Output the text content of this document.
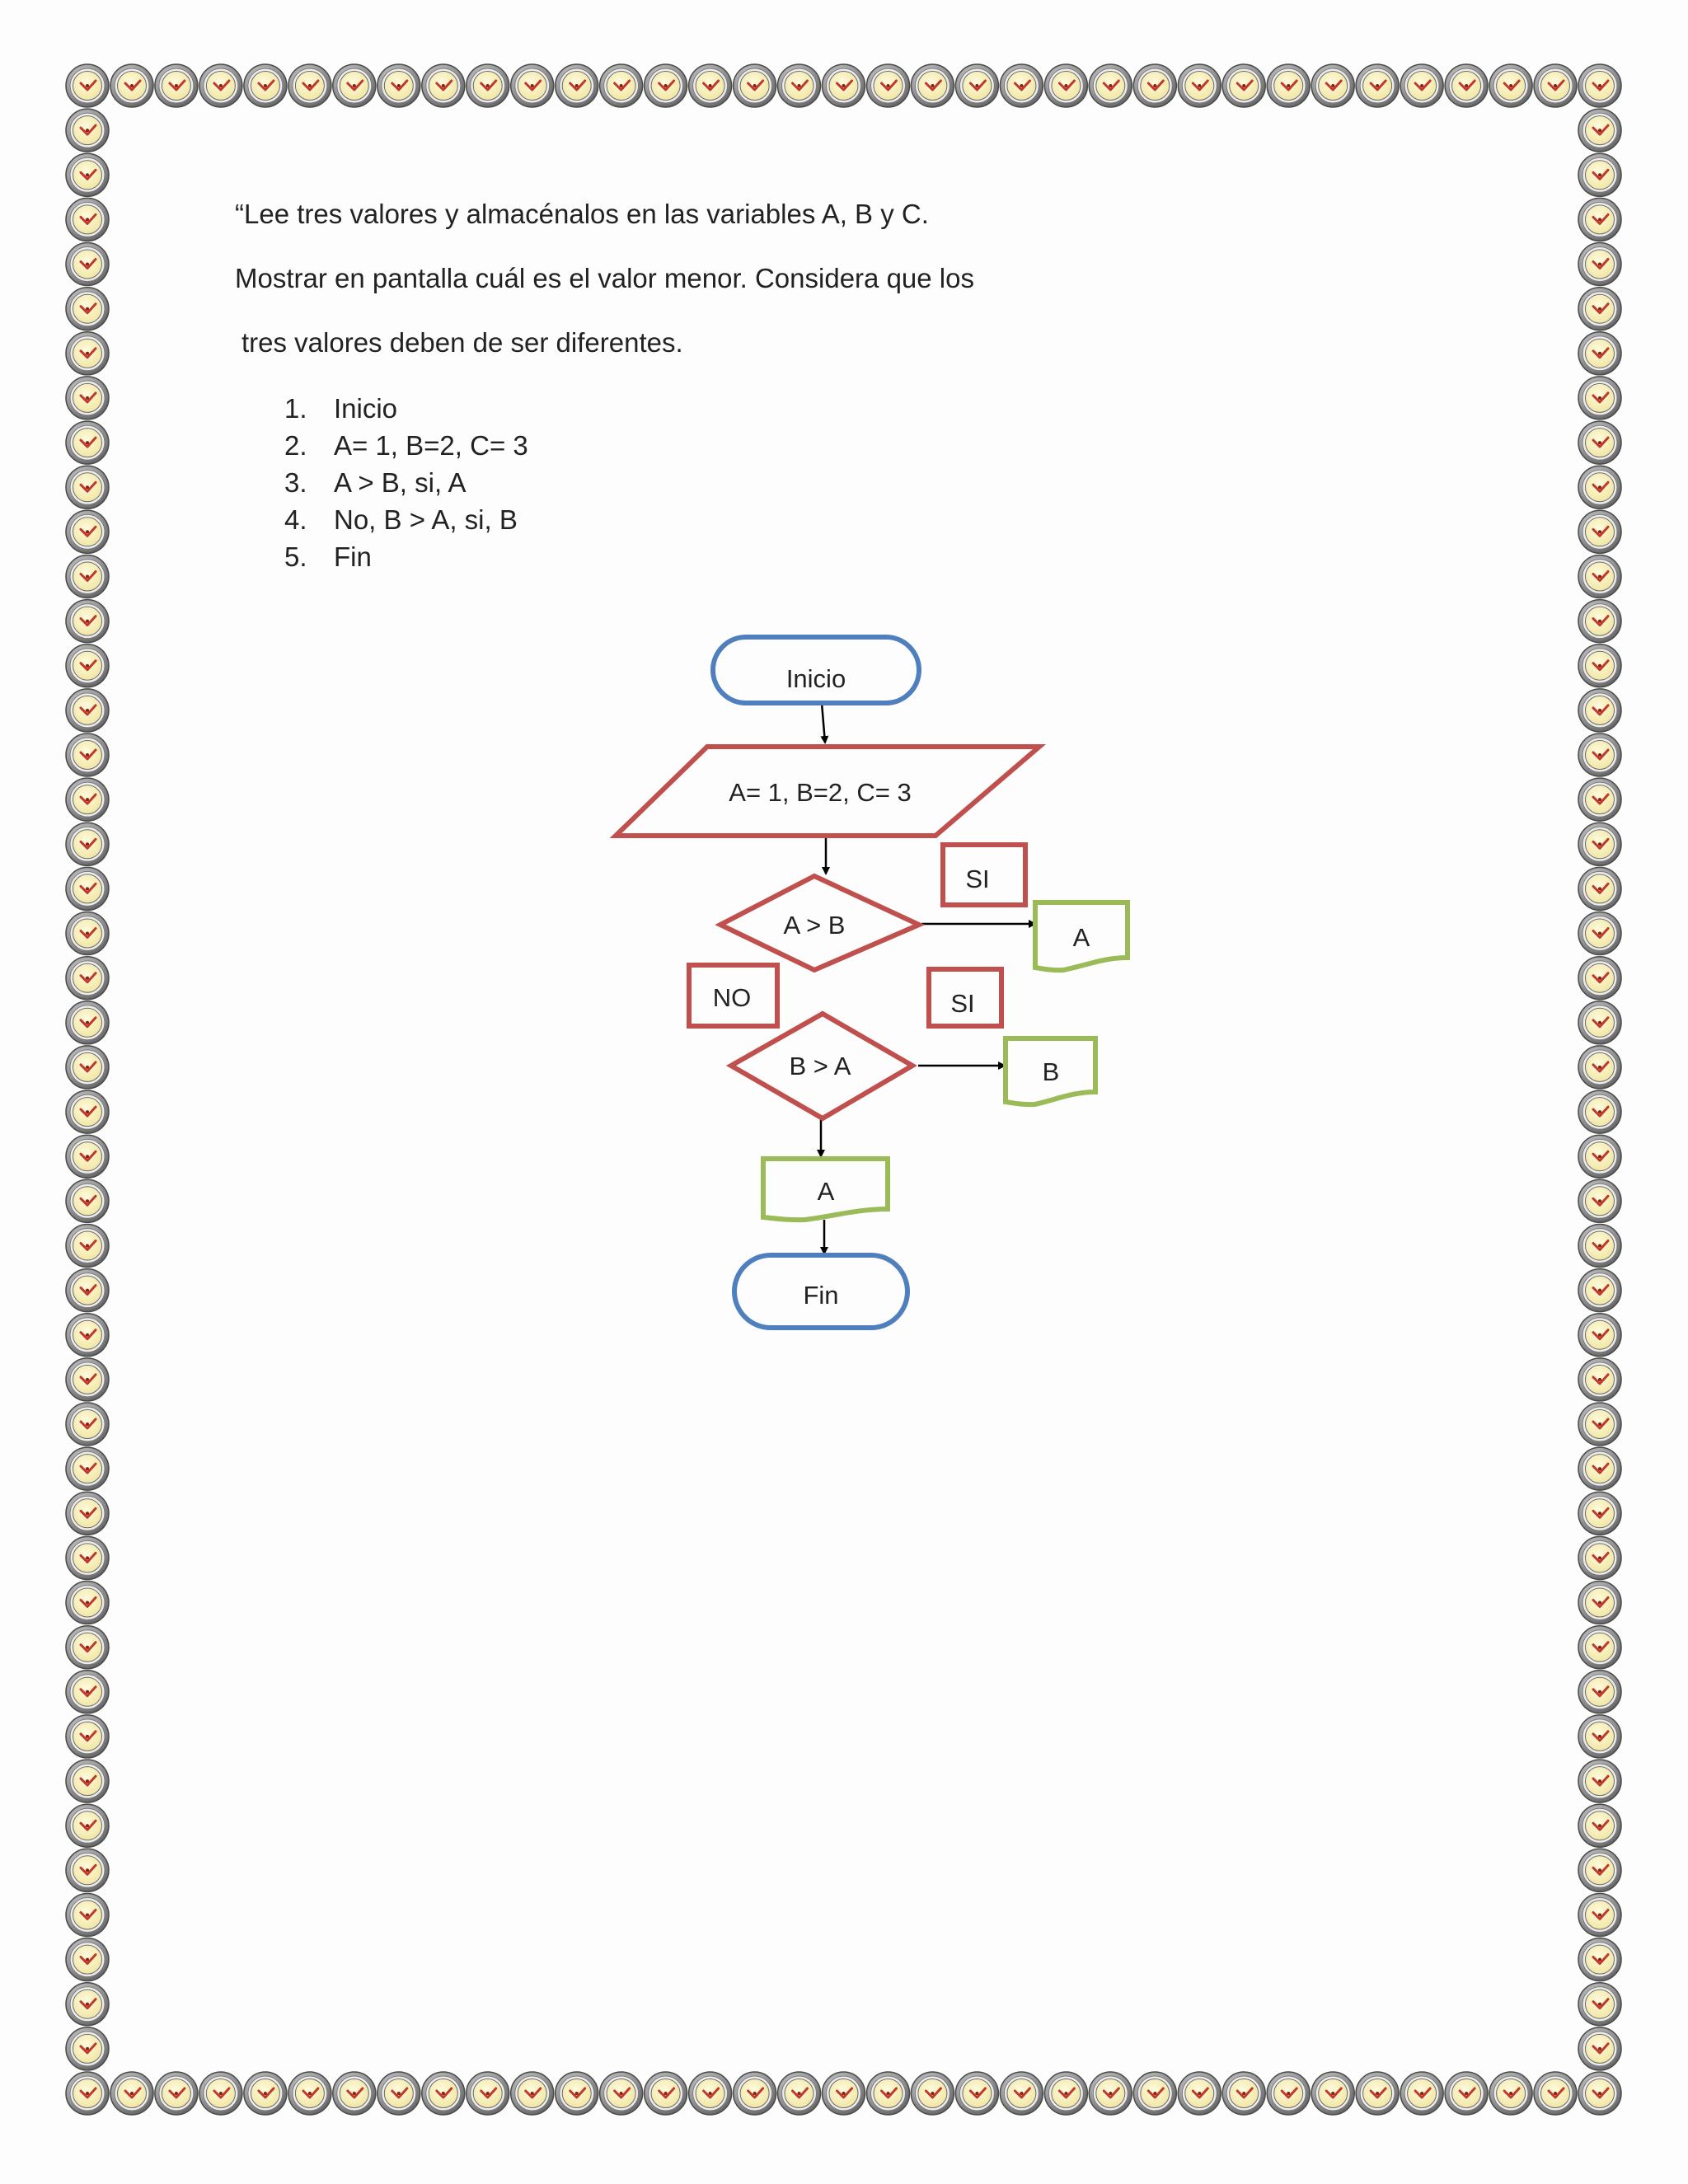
“Lee tres valores y almacénalos en las variables A, B y C.

Mostrar en pantalla cuál es el valor menor. Considera que los

tres valores deben de ser diferentes.

1. Inicio
2. A= 1, B=2, C= 3
3. A > B, si, A
4. No, B > A, si, B
5. Fin
Inicio
A= 1, B=2, C= 3
SI
A > B	A
NO	SI
B > A	B
A
Fin
